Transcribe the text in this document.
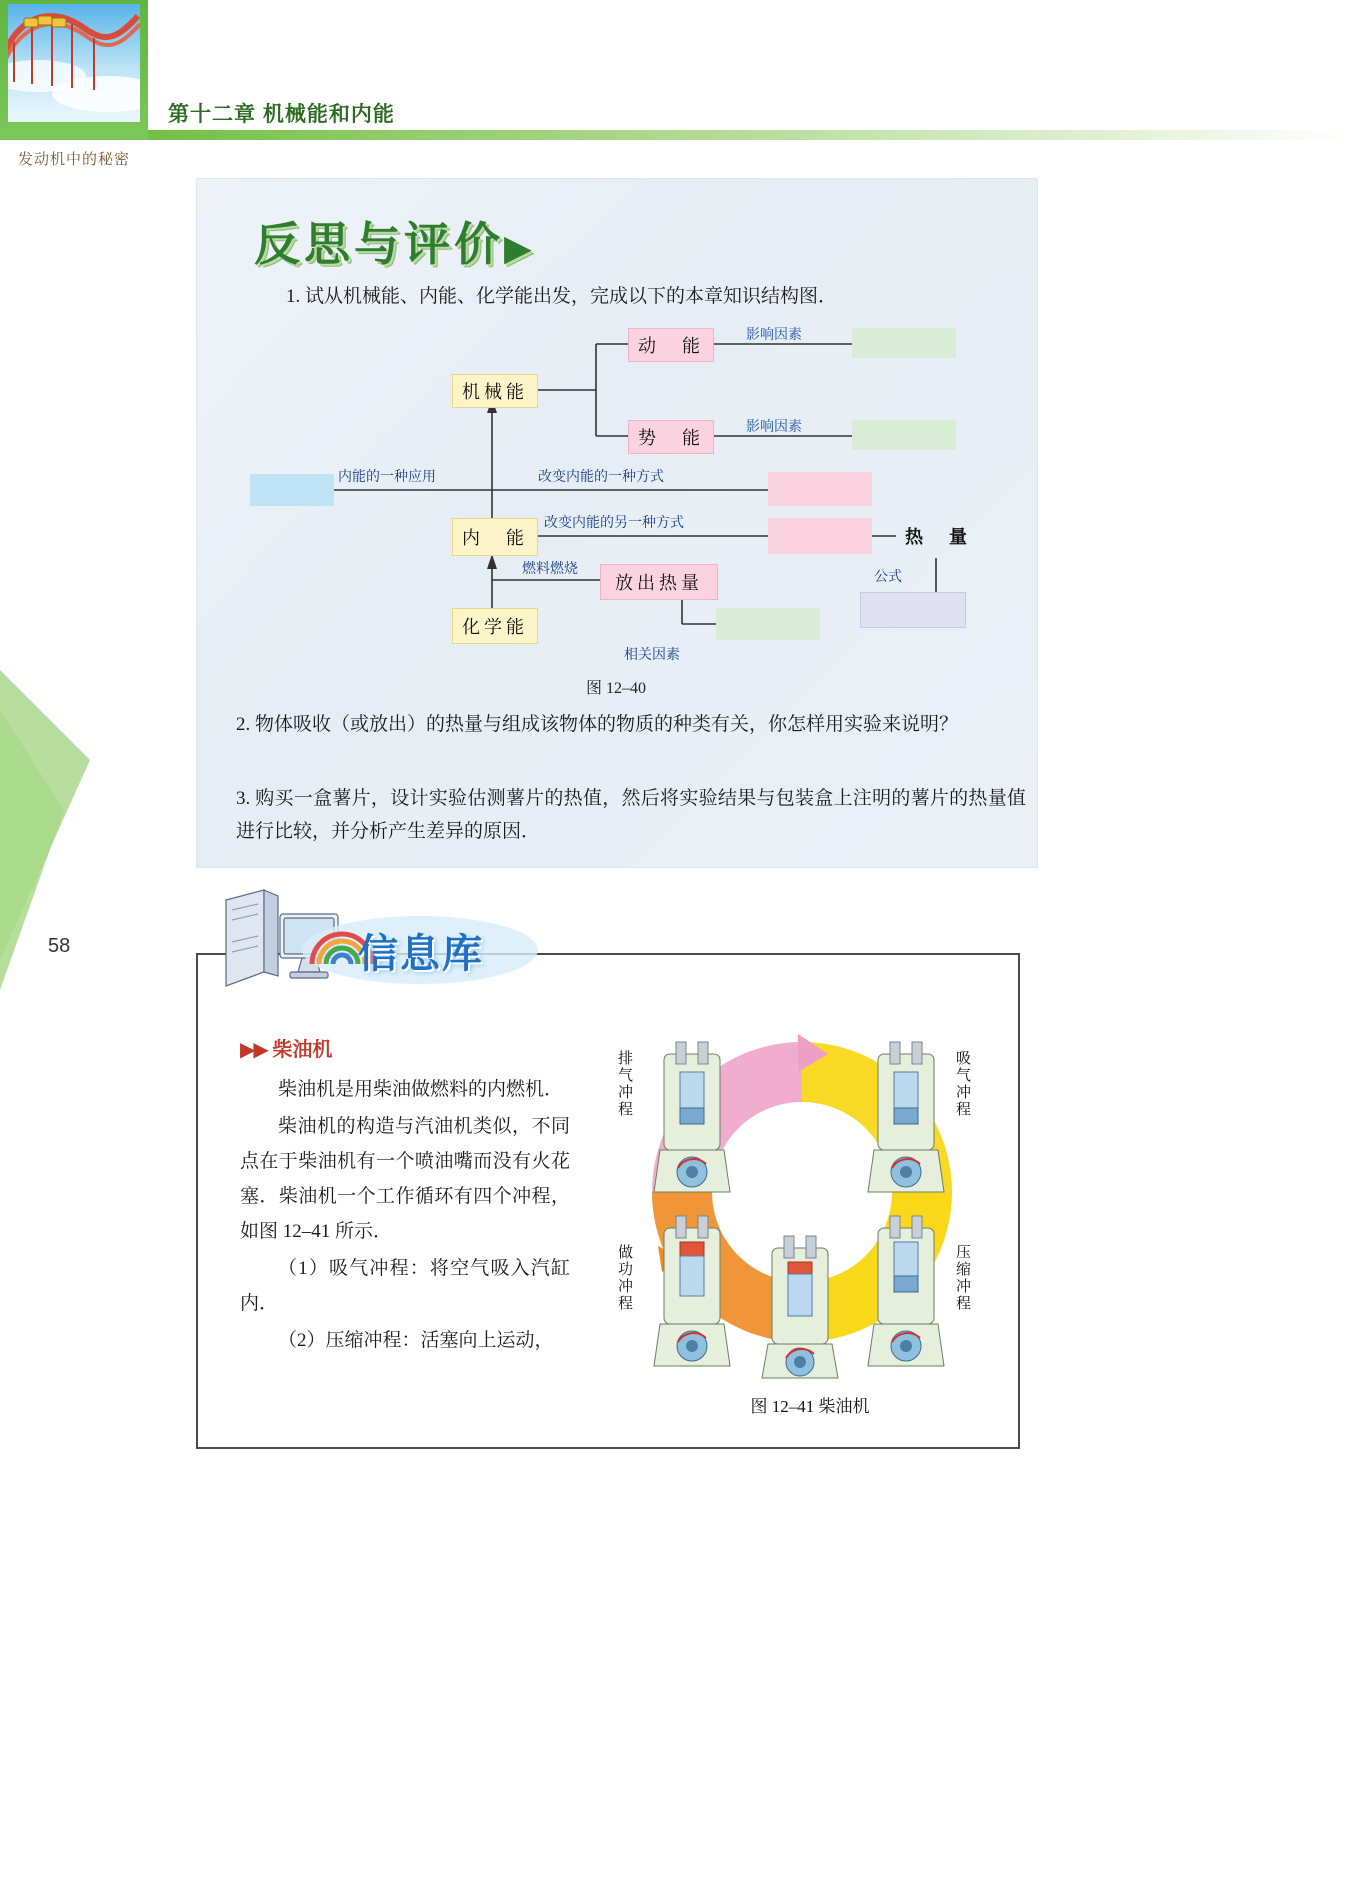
发动机中的秘密
58
第十二章 机械能和内能
反思与评价▶
1. 试从机械能、内能、化学能出发，完成以下的本章知识结构图．
机械能
动　能
势　能
内　能	热　量
放出热量
化学能
影响因素
影响因素
内能的一种应用	改变内能的一种方式
改变内能的另一种方式
燃料燃烧	公式
相关因素
图 12–40
2. 物体吸收（或放出）的热量与组成该物体的物质的种类有关，你怎样用实验来说明？
3. 购买一盒薯片，设计实验估测薯片的热值，然后将实验结果与包装盒上注明的薯片的热量值进行比较，并分析产生差异的原因．
信息库
▶▶ 柴油机

柴油机是用柴油做燃料的内燃机．

柴油机的构造与汽油机类似，不同点在于柴油机有一个喷油嘴而没有火花塞．柴油机一个工作循环有四个冲程，如图 12–41 所示．

（1）吸气冲程：将空气吸入汽缸内．

（2）压缩冲程：活塞向上运动，

排气冲程	吸气冲程
做功冲程	压缩冲程
图 12–41 柴油机
